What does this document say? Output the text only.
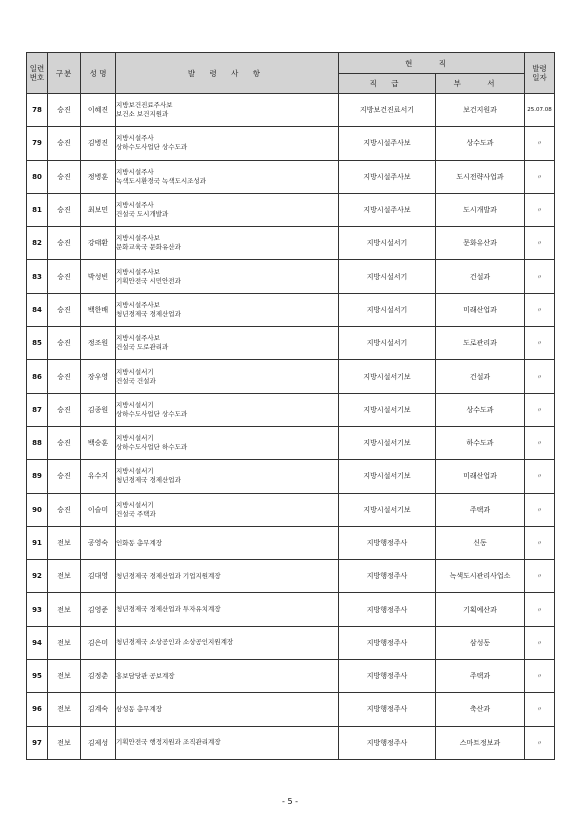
일련
번호	구분	성 명	발 령 사 항	현 직		발령
일자

				직 급	부 서	
78	승진	이혜진	지방보건진료주사보
보건소 보건지원과	지방보건진료서기	보건지원과	25.07.08
79	승진	김병진	지방시설주사
상하수도사업단 상수도과	지방시설주사보	상수도과	〃
80	승진	정병훈	지방시설주사
녹색도시환경국 녹색도시조성과	지방시설주사보	도시전략사업과	〃
81	승진	최보민	지방시설주사
건설국 도시개발과	지방시설주사보	도시개발과	〃
82	승진	강태환	지방시설주사보
문화교육국 문화유산과	지방시설서기	문화유산과	〃
83	승진	박성빈	지방시설주사보
기획안전국 시민안전과	지방시설서기	건설과	〃
84	승진	백한배	지방시설주사보
청년경제국 경제산업과	지방시설서기	미래산업과	〃
85	승진	정조원	지방시설주사보
건설국 도로관리과	지방시설서기	도로관리과	〃
86	승진	장우영	지방시설서기
건설국 건설과	지방시설서기보	건설과	〃
87	승진	김종원	지방시설서기
상하수도사업단 상수도과	지방시설서기보	상수도과	〃
88	승진	백승훈	지방시설서기
상하수도사업단 하수도과	지방시설서기보	하수도과	〃
89	승진	유수지	지방시설서기
청년경제국 경제산업과	지방시설서기보	미래산업과	〃
90	승진	이슬미	지방시설서기
건설국 주택과	지방시설서기보	주택과	〃
91	전보	공영숙	인화동 총무계장	지방행정주사	신동	〃
92	전보	김대영	청년경제국 경제산업과 기업지원계장	지방행정주사	녹색도시관리사업소	〃
93	전보	김영준	청년경제국 경제산업과 투자유치계장	지방행정주사	기획예산과	〃
94	전보	김은미	청년경제국 소상공인과 소상공인지원계장	지방행정주사	삼성동	〃
95	전보	김정춘	홍보담당관 공보계장	지방행정주사	주택과	〃
96	전보	김계숙	삼성동 총무계장	지방행정주사	축산과	〃
97	전보	김제성	기획안전국 행정지원과 조직관리계장	지방행정주사	스마트정보과	〃
- 5 -
